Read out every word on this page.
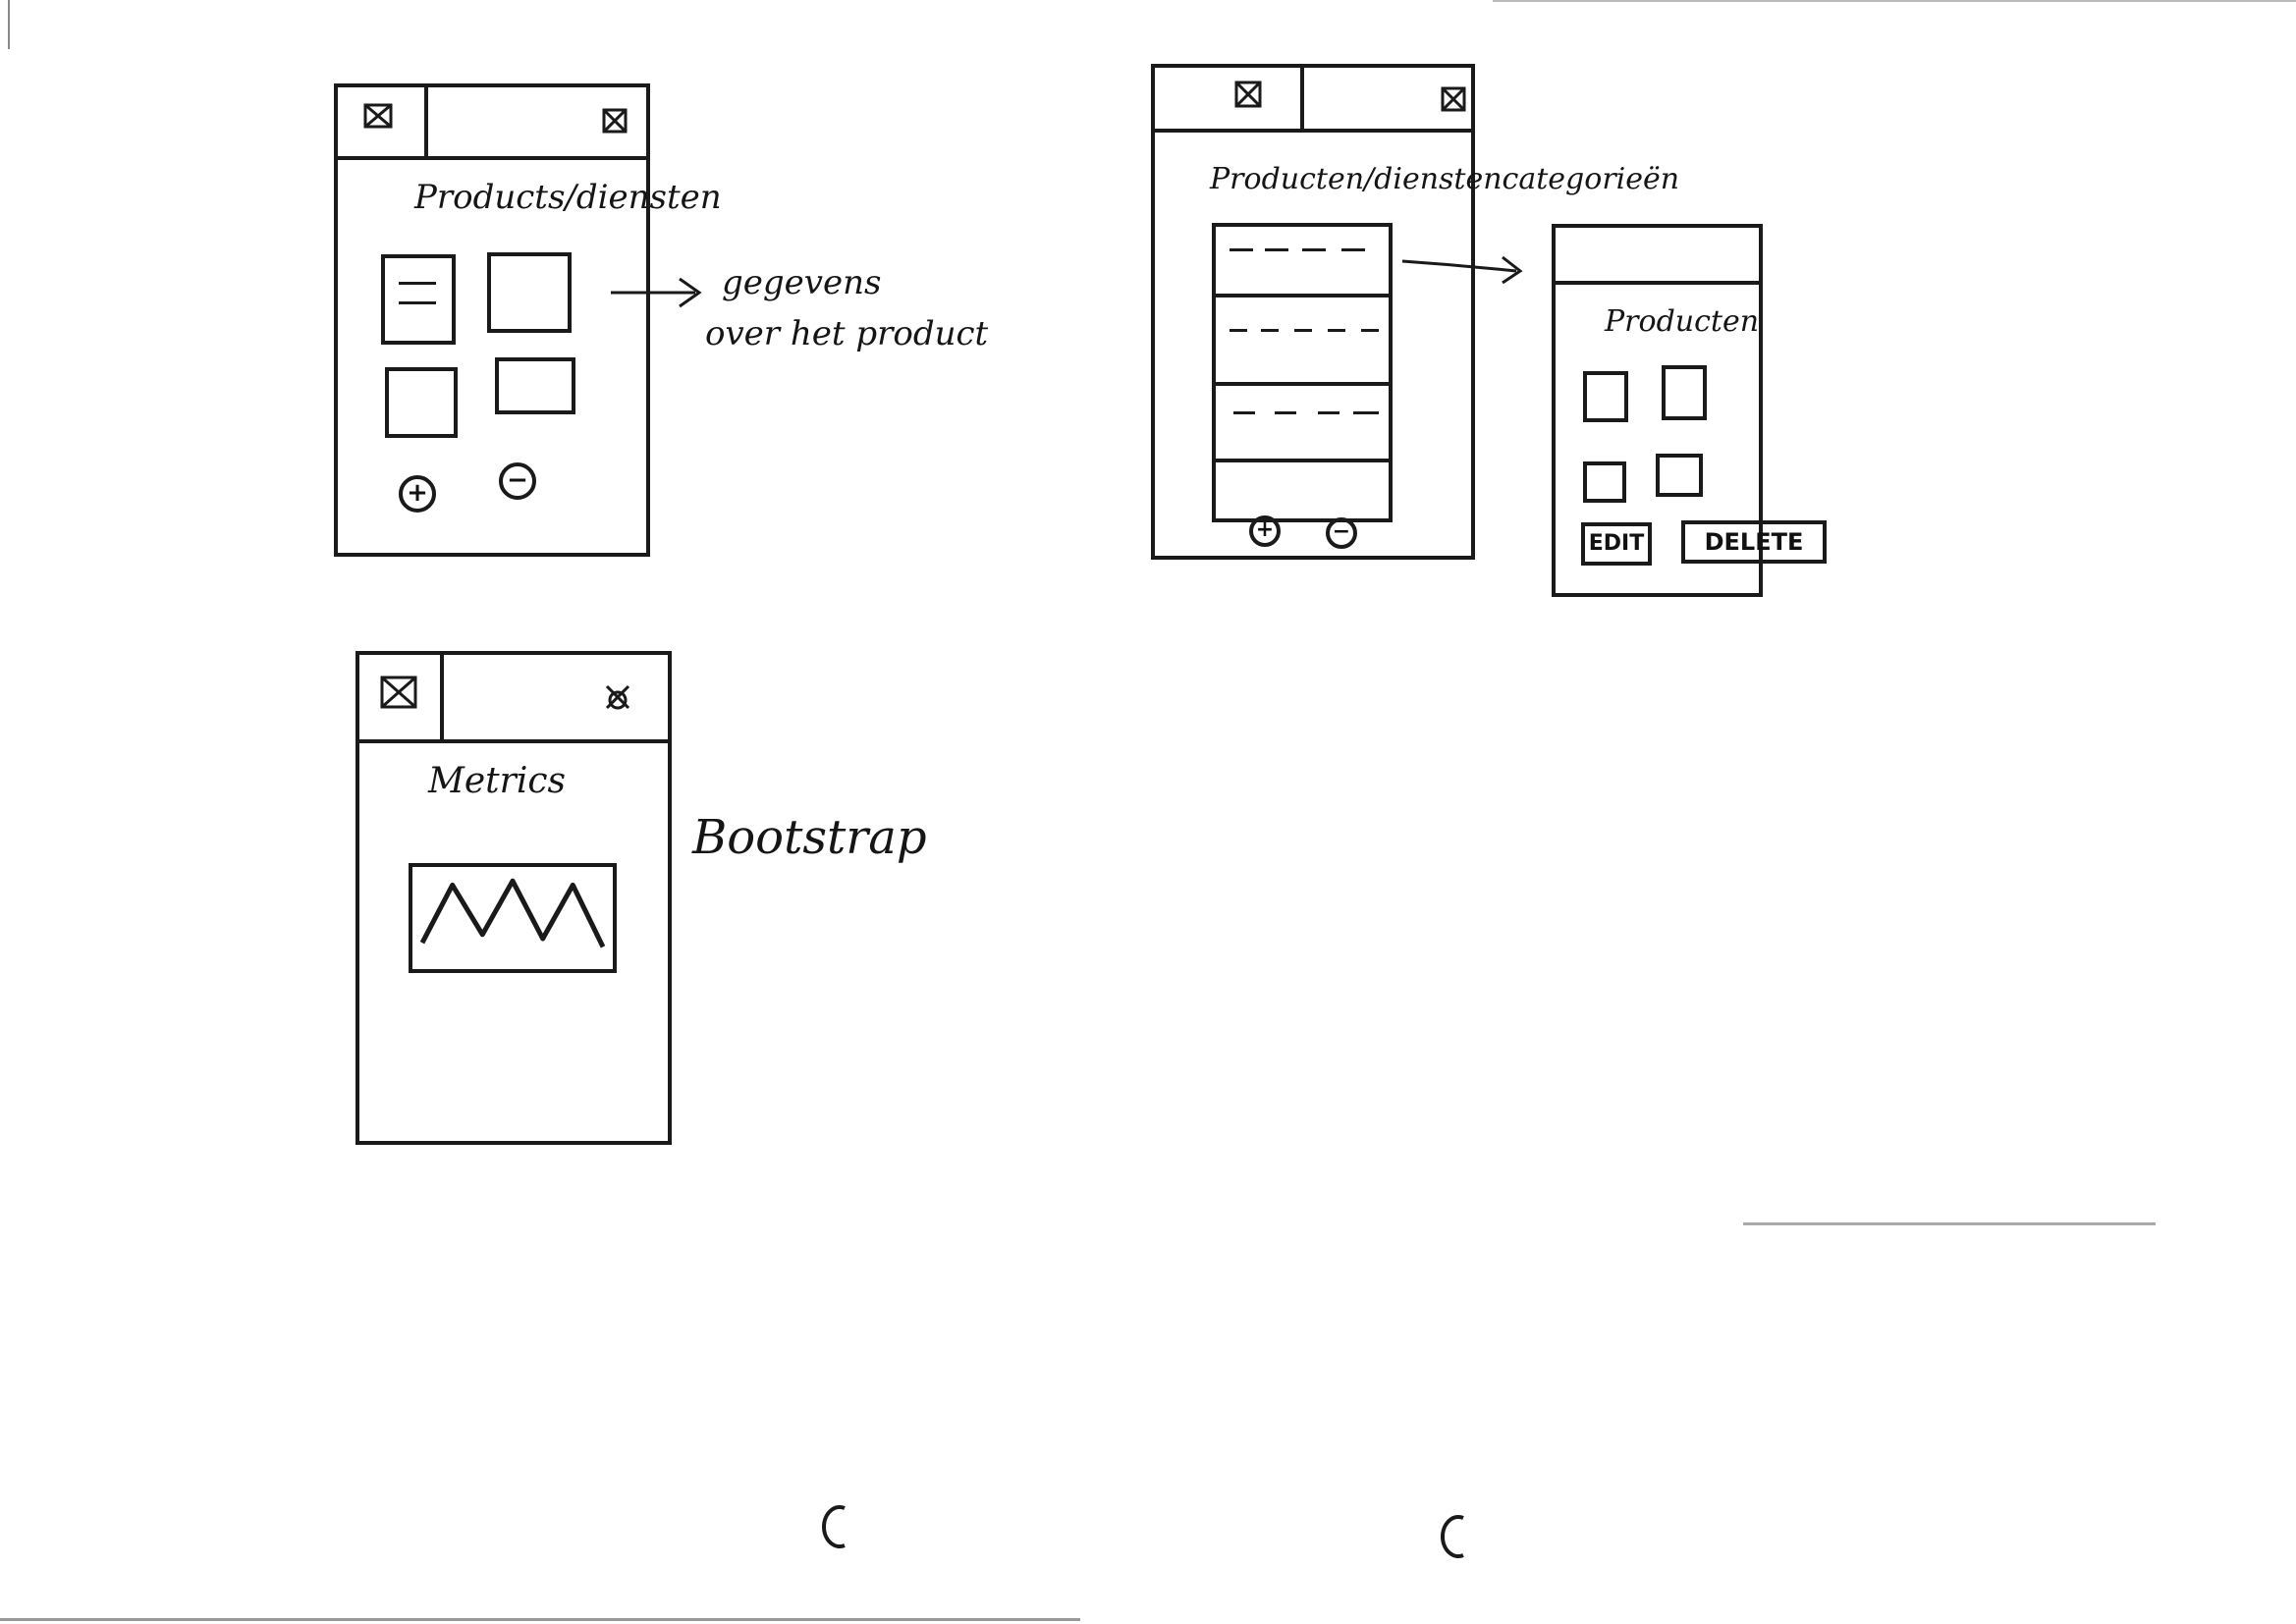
Products/diensten
+	−
gegevens
over het product
Producten/dienstencategorieën
+	−
Producten
EDIT	DELETE
Metrics
Bootstrap
